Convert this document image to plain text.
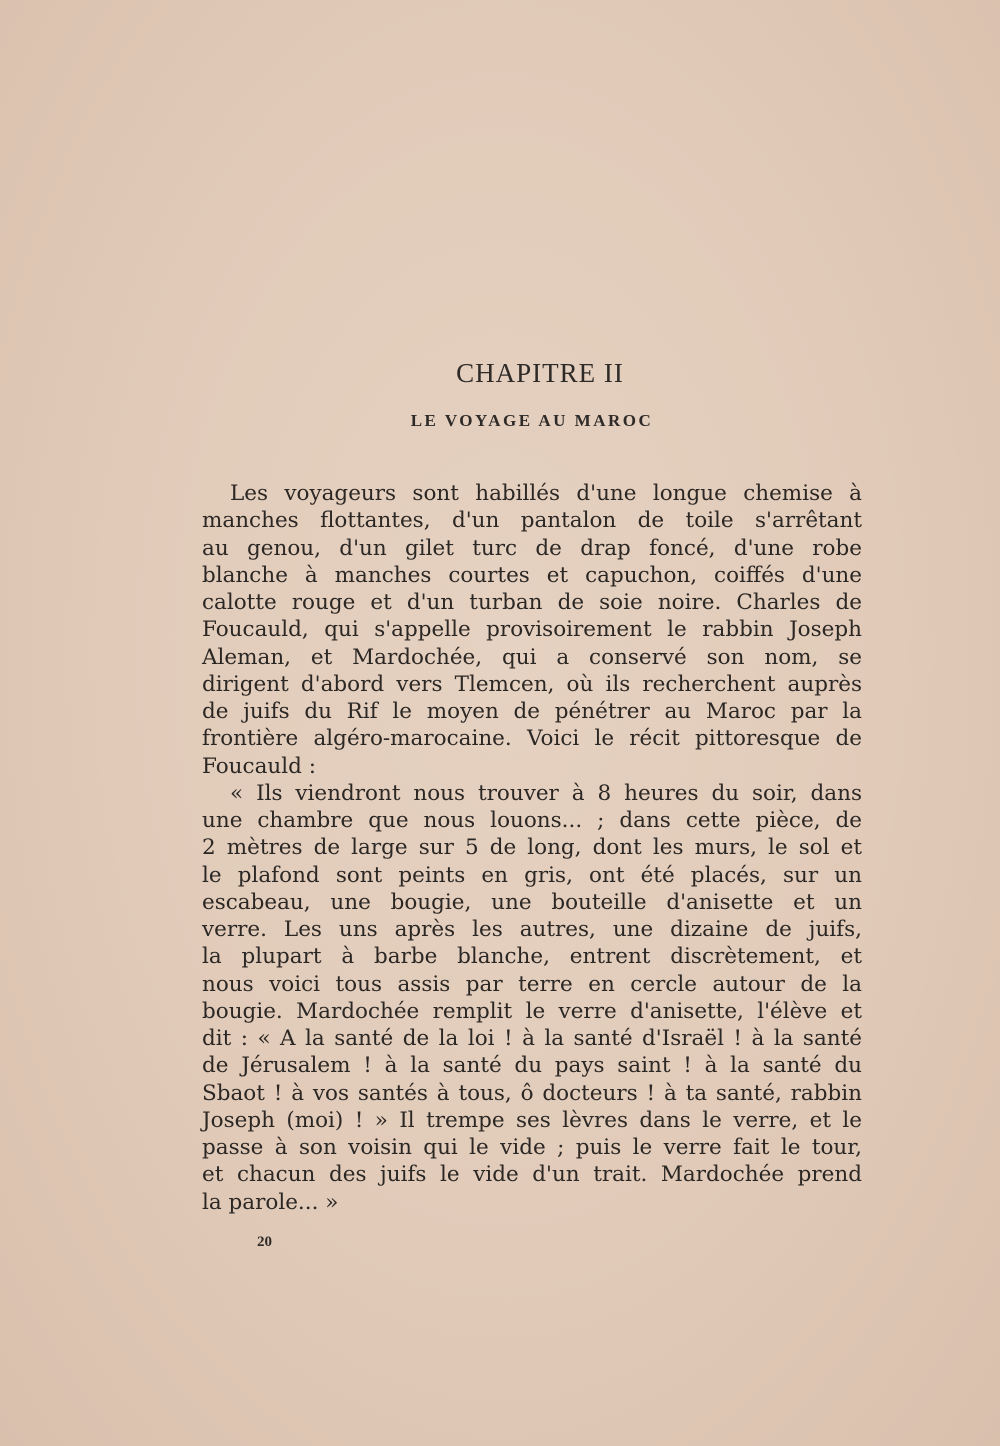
CHAPITRE II
LE VOYAGE AU MAROC
Les voyageurs sont habillés d'une longue chemise à
manches flottantes, d'un pantalon de toile s'arrêtant
au genou, d'un gilet turc de drap foncé, d'une robe
blanche à manches courtes et capuchon, coiffés d'une
calotte rouge et d'un turban de soie noire. Charles de
Foucauld, qui s'appelle provisoirement le rabbin Joseph
Aleman, et Mardochée, qui a conservé son nom, se
dirigent d'abord vers Tlemcen, où ils recherchent auprès
de juifs du Rif le moyen de pénétrer au Maroc par la
frontière algéro-marocaine. Voici le récit pittoresque de
Foucauld :
« Ils viendront nous trouver à 8 heures du soir, dans
une chambre que nous louons... ; dans cette pièce, de
2 mètres de large sur 5 de long, dont les murs, le sol et
le plafond sont peints en gris, ont été placés, sur un
escabeau, une bougie, une bouteille d'anisette et un
verre. Les uns après les autres, une dizaine de juifs,
la plupart à barbe blanche, entrent discrètement, et
nous voici tous assis par terre en cercle autour de la
bougie. Mardochée remplit le verre d'anisette, l'élève et
dit : « A la santé de la loi ! à la santé d'Israël ! à la santé
de Jérusalem ! à la santé du pays saint ! à la santé du
Sbaot ! à vos santés à tous, ô docteurs ! à ta santé, rabbin
Joseph (moi) ! » Il trempe ses lèvres dans le verre, et le
passe à son voisin qui le vide ; puis le verre fait le tour,
et chacun des juifs le vide d'un trait. Mardochée prend
la parole... »
20
